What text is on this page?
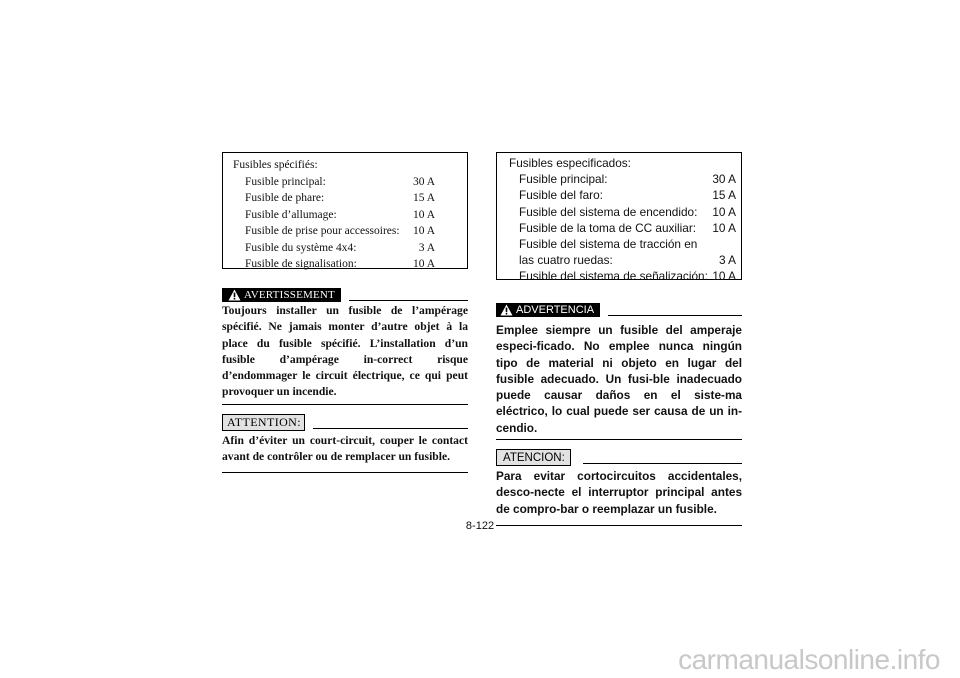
Fusibles spécifiés:
Fusible principal:	30 A
Fusible de phare:	15 A
Fusible d’allumage:	10 A
Fusible de prise pour accessoires: 10 A
Fusible du système 4x4:	3 A
Fusible de signalisation:	10 A
AVERTISSEMENT
Toujours installer un fusible de l’ampérage spécifié. Ne jamais monter d’autre objet à la place du fusible spécifié. L’installation d’un fusible d’ampérage in-correct risque d’endommager le circuit électrique, ce qui peut provoquer un incendie.
ATTENTION:
Afin d’éviter un court-circuit, couper le contact avant de contrôler ou de remplacer un fusible.
Fusibles especificados:
Fusible principal:	30 A
Fusible del faro:	15 A
Fusible del sistema de encendido: 10 A
Fusible de la toma de CC auxiliar: 10 A
Fusible del sistema de tracción en las cuatro ruedas:	3 A
Fusible del sistema de señalización: 10 A
ADVERTENCIA
Emplee siempre un fusible del amperaje especi-ficado. No emplee nunca ningún tipo de material ni objeto en lugar del fusible adecuado. Un fusi-ble inadecuado puede causar daños en el siste-ma eléctrico, lo cual puede ser causa de un in-cendio.
ATENCION:
Para evitar cortocircuitos accidentales, desco-necte el interruptor principal antes de compro-bar o reemplazar un fusible.
8-122
carmanualsonline.info
